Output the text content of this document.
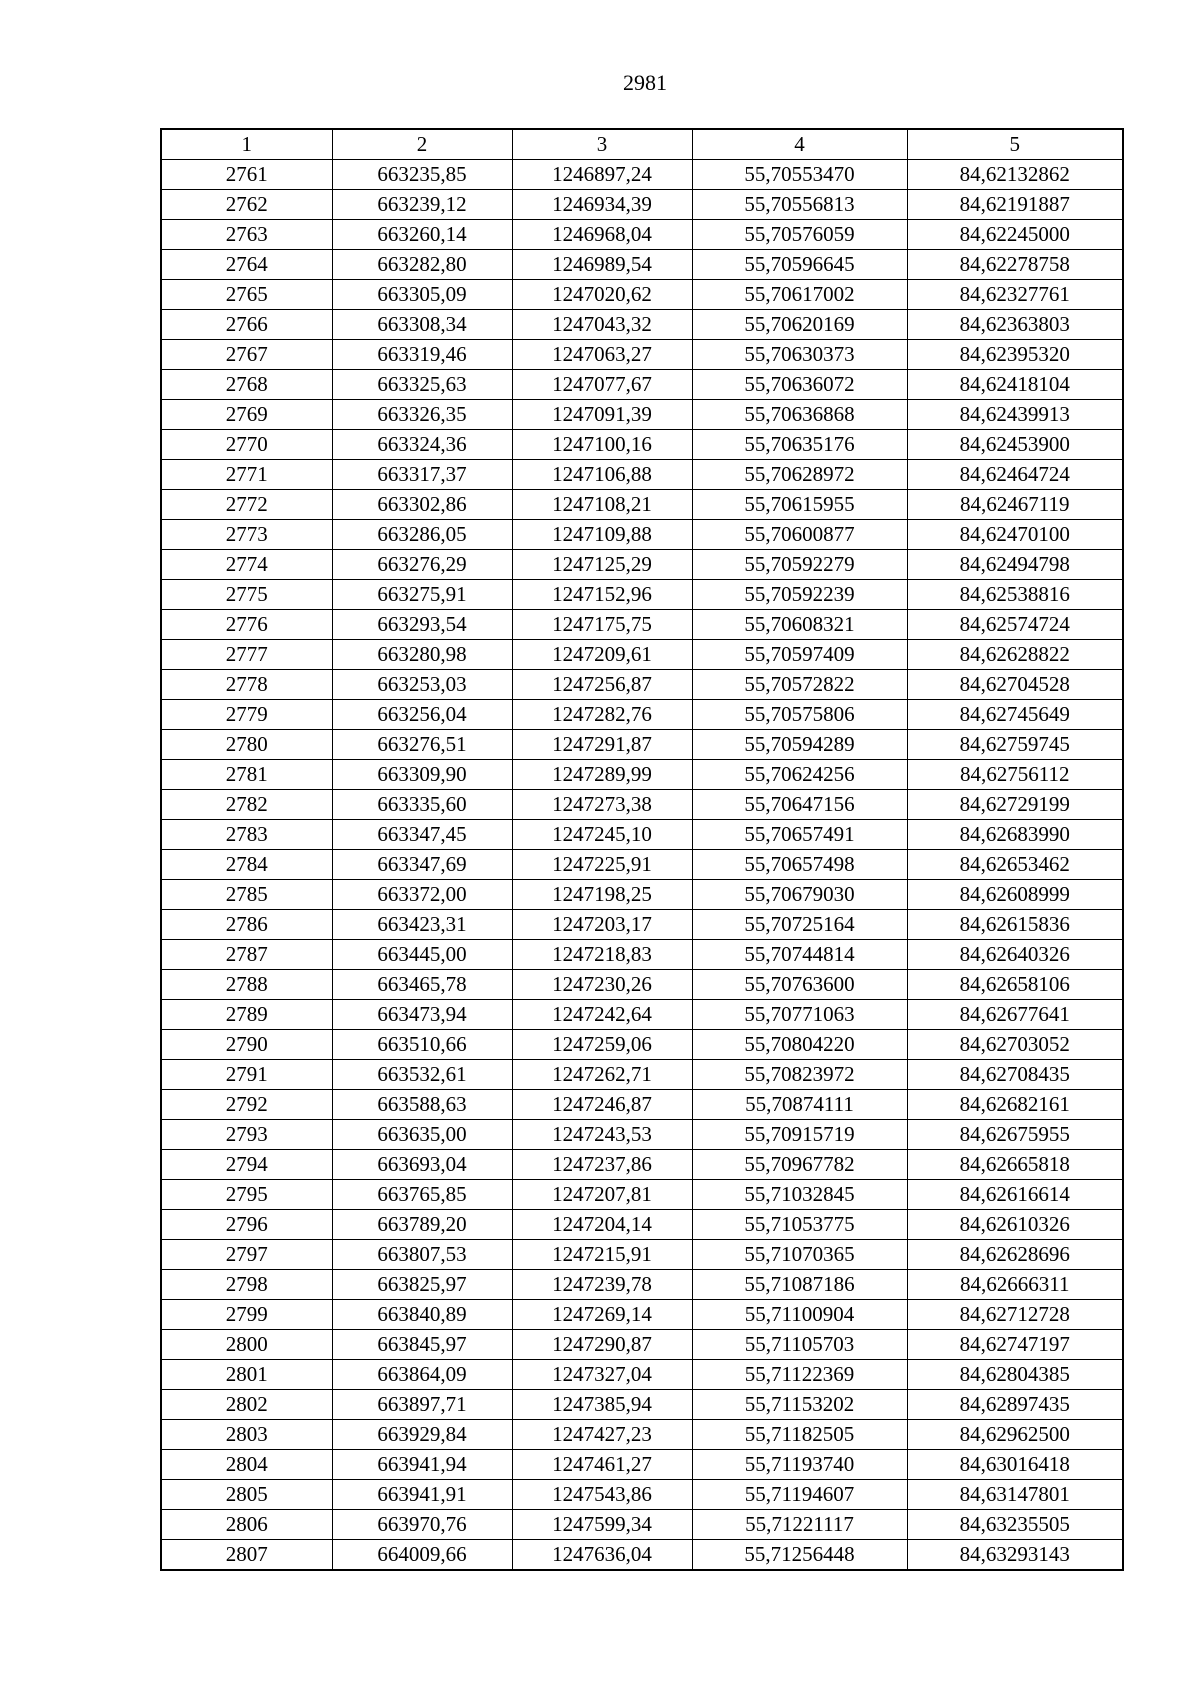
2981
1	2	3	4	5
2761	663235,85	1246897,24	55,70553470	84,62132862
2762	663239,12	1246934,39	55,70556813	84,62191887
2763	663260,14	1246968,04	55,70576059	84,62245000
2764	663282,80	1246989,54	55,70596645	84,62278758
2765	663305,09	1247020,62	55,70617002	84,62327761
2766	663308,34	1247043,32	55,70620169	84,62363803
2767	663319,46	1247063,27	55,70630373	84,62395320
2768	663325,63	1247077,67	55,70636072	84,62418104
2769	663326,35	1247091,39	55,70636868	84,62439913
2770	663324,36	1247100,16	55,70635176	84,62453900
2771	663317,37	1247106,88	55,70628972	84,62464724
2772	663302,86	1247108,21	55,70615955	84,62467119
2773	663286,05	1247109,88	55,70600877	84,62470100
2774	663276,29	1247125,29	55,70592279	84,62494798
2775	663275,91	1247152,96	55,70592239	84,62538816
2776	663293,54	1247175,75	55,70608321	84,62574724
2777	663280,98	1247209,61	55,70597409	84,62628822
2778	663253,03	1247256,87	55,70572822	84,62704528
2779	663256,04	1247282,76	55,70575806	84,62745649
2780	663276,51	1247291,87	55,70594289	84,62759745
2781	663309,90	1247289,99	55,70624256	84,62756112
2782	663335,60	1247273,38	55,70647156	84,62729199
2783	663347,45	1247245,10	55,70657491	84,62683990
2784	663347,69	1247225,91	55,70657498	84,62653462
2785	663372,00	1247198,25	55,70679030	84,62608999
2786	663423,31	1247203,17	55,70725164	84,62615836
2787	663445,00	1247218,83	55,70744814	84,62640326
2788	663465,78	1247230,26	55,70763600	84,62658106
2789	663473,94	1247242,64	55,70771063	84,62677641
2790	663510,66	1247259,06	55,70804220	84,62703052
2791	663532,61	1247262,71	55,70823972	84,62708435
2792	663588,63	1247246,87	55,70874111	84,62682161
2793	663635,00	1247243,53	55,70915719	84,62675955
2794	663693,04	1247237,86	55,70967782	84,62665818
2795	663765,85	1247207,81	55,71032845	84,62616614
2796	663789,20	1247204,14	55,71053775	84,62610326
2797	663807,53	1247215,91	55,71070365	84,62628696
2798	663825,97	1247239,78	55,71087186	84,62666311
2799	663840,89	1247269,14	55,71100904	84,62712728
2800	663845,97	1247290,87	55,71105703	84,62747197
2801	663864,09	1247327,04	55,71122369	84,62804385
2802	663897,71	1247385,94	55,71153202	84,62897435
2803	663929,84	1247427,23	55,71182505	84,62962500
2804	663941,94	1247461,27	55,71193740	84,63016418
2805	663941,91	1247543,86	55,71194607	84,63147801
2806	663970,76	1247599,34	55,71221117	84,63235505
2807	664009,66	1247636,04	55,71256448	84,63293143
